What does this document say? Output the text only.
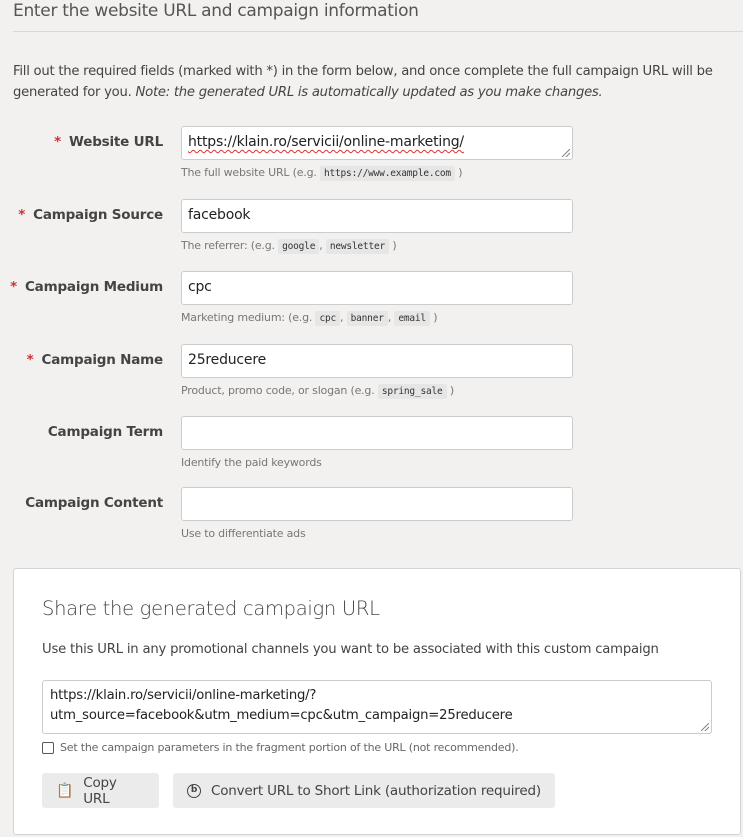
Enter the website URL and campaign information
Fill out the required fields (marked with *) in the form below, and once complete the full campaign URL will be generated for you. Note: the generated URL is automatically updated as you make changes.
* Website URL	https://klain.ro/servicii/online-marketing/
The full website URL (e.g. https://www.example.com )
* Campaign Source	facebook
The referrer: (e.g. google , newsletter )
* Campaign Medium	cpc
Marketing medium: (e.g. cpc , banner , email )
* Campaign Name	25reducere
Product, promo code, or slogan (e.g. spring_sale )
Campaign Term
Identify the paid keywords
Campaign Content
Use to differentiate ads
Share the generated campaign URL
Use this URL in any promotional channels you want to be associated with this custom campaign
https://klain.ro/servicii/online-marketing/?
utm_source=facebook&utm_medium=cpc&utm_campaign=25reducere
Set the campaign parameters in the fragment portion of the URL (not recommended).
📋 Copy URL
b Convert URL to Short Link (authorization required)
